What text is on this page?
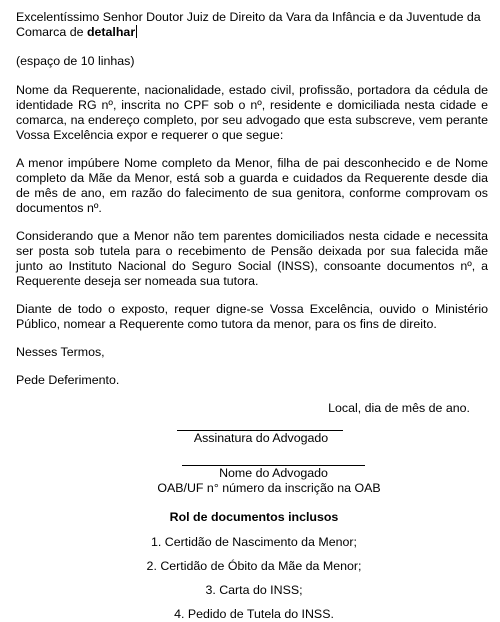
Excelentíssimo Senhor Doutor Juiz de Direito da Vara da Infância e da Juventude da Comarca de detalhar

(espaço de 10 linhas)

Nome da Requerente, nacionalidade, estado civil, profissão, portadora da cédula de identidade RG nº, inscrita no CPF sob o nº, residente e domiciliada nesta cidade e comarca, na endereço completo, por seu advogado que esta subscreve, vem perante Vossa Excelência expor e requerer o que segue:

A menor impúbere Nome completo da Menor, filha de pai desconhecido e de Nome completo da Mãe da Menor, está sob a guarda e cuidados da Requerente desde dia de mês de ano, em razão do falecimento de sua genitora, conforme comprovam os documentos nº.

Considerando que a Menor não tem parentes domiciliados nesta cidade e necessita ser posta sob tutela para o recebimento de Pensão deixada por sua falecida mãe junto ao Instituto Nacional do Seguro Social (INSS), consoante documentos nº, a Requerente deseja ser nomeada sua tutora.

Diante de todo o exposto, requer digne-se Vossa Excelência, ouvido o Ministério Público, nomear a Requerente como tutora da menor, para os fins de direito.

Nesses Termos,

Pede Deferimento.

Local, dia de mês de ano.

Assinatura do Advogado
Nome do Advogado
OAB/UF n° número da inscrição na OAB

Rol de documentos inclusos

1. Certidão de Nascimento da Menor;
2. Certidão de Óbito da Mãe da Menor;
3. Carta do INSS;
4. Pedido de Tutela do INSS.
